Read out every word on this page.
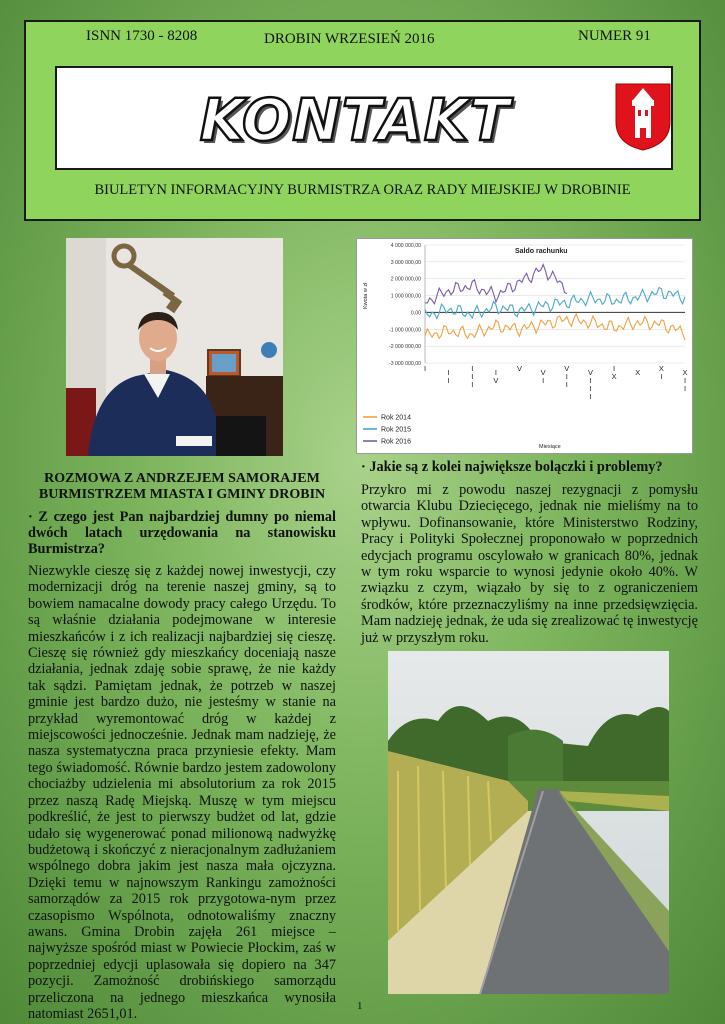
ISNN 1730 - 8208	DROBIN WRZESIEŃ 2016	NUMER 91
KONTAKT
BIULETYN INFORMACYJNY BURMISTRZA ORAZ RADY MIEJSKIEJ W DROBINIE
4 000 000,00
3 000 000,00
2 000 000,00
1 000 000,00
0,00
-1 000 000,00
-2 000 000,00
-3 000 000,00
Saldo rachunku
Kwota w zł
I	I
I
I
I
I
I
V
V V
I
V
I
I
V
I
I
I
I
X X X
I	X
I
I
Rok 2014
Rok 2015
Rok 2016
Miesiące
ROZMOWA Z ANDRZEJEM SAMORAJEM BURMISTRZEM MIASTA I GMINY DROBIN
· Z czego jest Pan najbardziej dumny po niemal dwóch latach urzędowania na stanowisku Burmistrza?
Niezwykle cieszę się z każdej nowej inwestycji, czy modernizacji dróg na terenie naszej gminy, są to bowiem namacalne dowody pracy całego Urzędu. To są właśnie działania podejmowane w interesie mieszkańców i z ich realizacji najbardziej się cieszę. Cieszę się również gdy mieszkańcy doceniają nasze działania, jednak zdaję sobie sprawę, że nie każdy tak sądzi. Pamiętam jednak, że potrzeb w naszej gminie jest bardzo dużo, nie jesteśmy w stanie na przykład wyremontować dróg w każdej z miejscowości jednocześnie. Jednak mam nadzieję, że nasza systematyczna praca przyniesie efekty. Mam tego świadomość. Równie bardzo jestem zadowolony chociażby udzielenia mi absolutorium za rok 2015 przez naszą Radę Miejską. Muszę w tym miejscu podkreślić, że jest to pierwszy budżet od lat, gdzie udało się wygenerować ponad milionową nadwyżkę budżetową i skończyć z nieracjonalnym zadłużaniem wspólnego dobra jakim jest nasza mała ojczyzna. Dzięki temu w najnowszym Rankingu zamożności samorządów za 2015 rok przygotowa-nym przez czasopismo Wspólnota, odnotowaliśmy znaczny awans. Gmina Drobin zajęła 261 miejsce – najwyższe spośród miast w Powiecie Płockim, zaś w poprzedniej edycji uplasowała się dopiero na 347 pozycji. Zamożność drobińskiego samorządu przeliczona na jednego mieszkańca wynosiła natomiast 2651,01.
· Jakie są z kolei największe bolączki i problemy?
Przykro mi z powodu naszej rezygnacji z pomysłu otwarcia Klubu Dziecięcego, jednak nie mieliśmy na to wpływu. Dofinansowanie, które Ministerstwo Rodziny, Pracy i Polityki Społecznej proponowało w poprzednich edycjach programu oscylowało w granicach 80%, jednak w tym roku wsparcie to wynosi jedynie około 40%. W związku z czym, wiązało by się to z ograniczeniem środków, które przeznaczyliśmy na inne przedsięwzięcia. Mam nadzieję jednak, że uda się zrealizować tę inwestycję już w przyszłym roku.
1
